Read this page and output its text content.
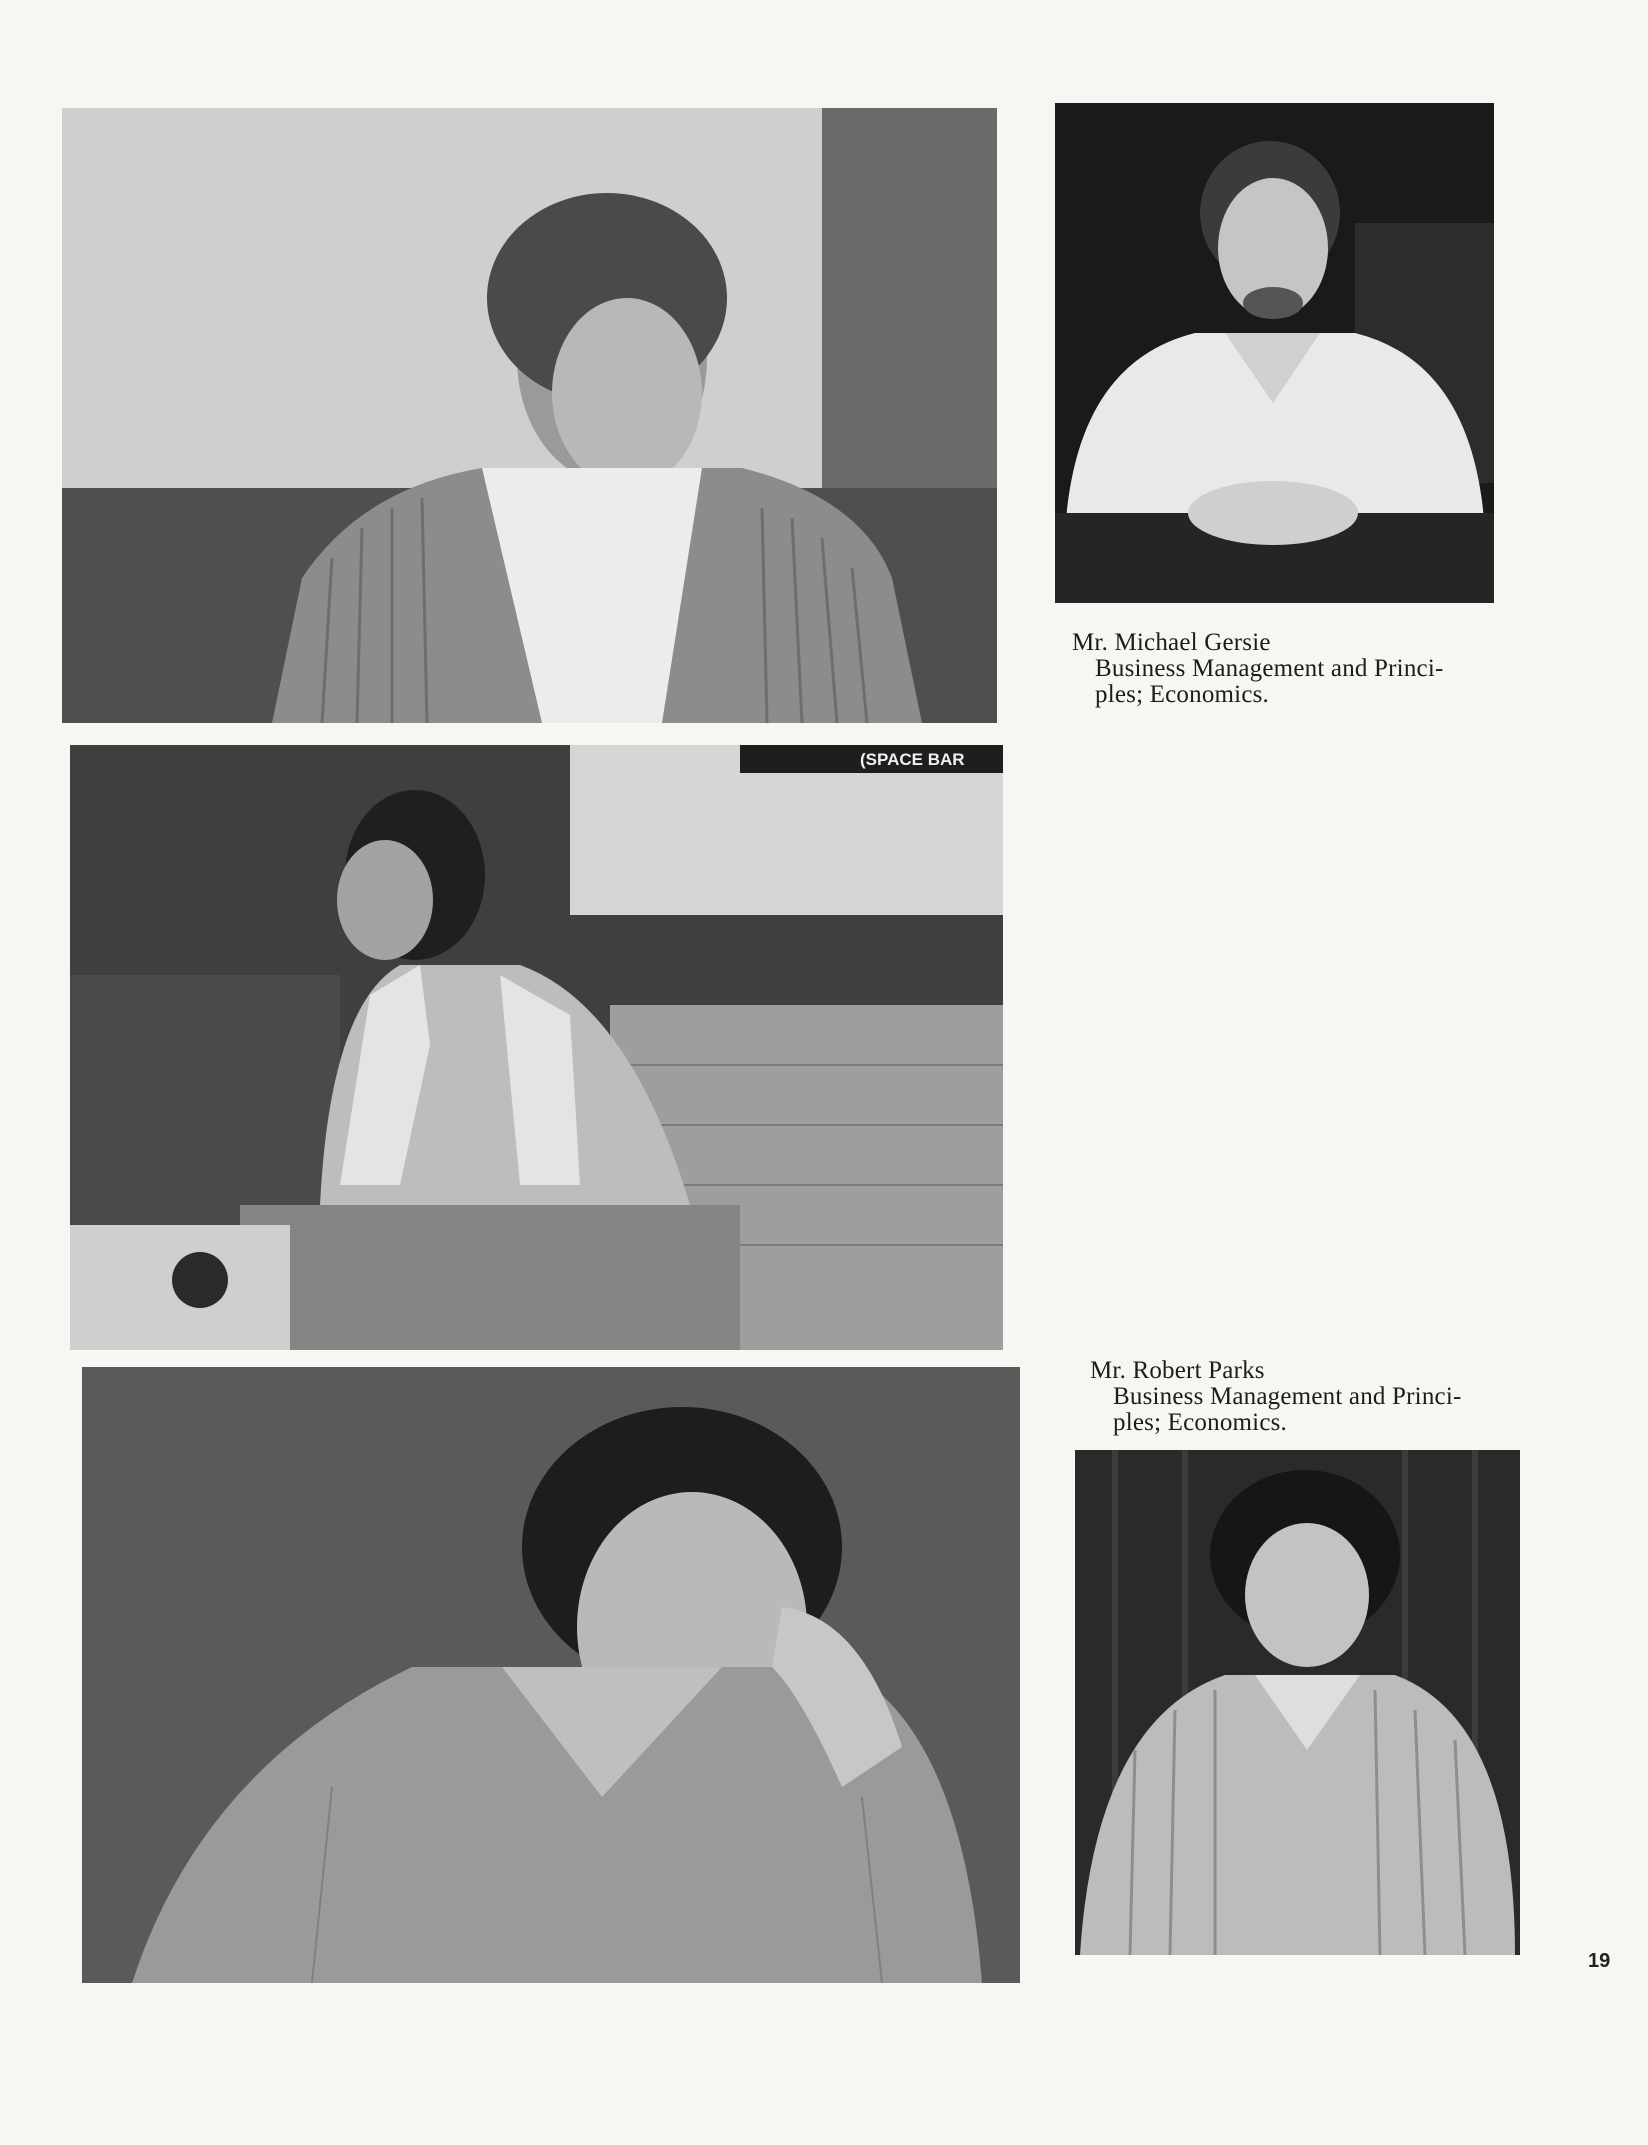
(SPACE BAR
Mr. Michael Gersie
Business Management and Princi-
ples; Economics.
Mr. Robert Parks
Business Management and Princi-
ples; Economics.
19
